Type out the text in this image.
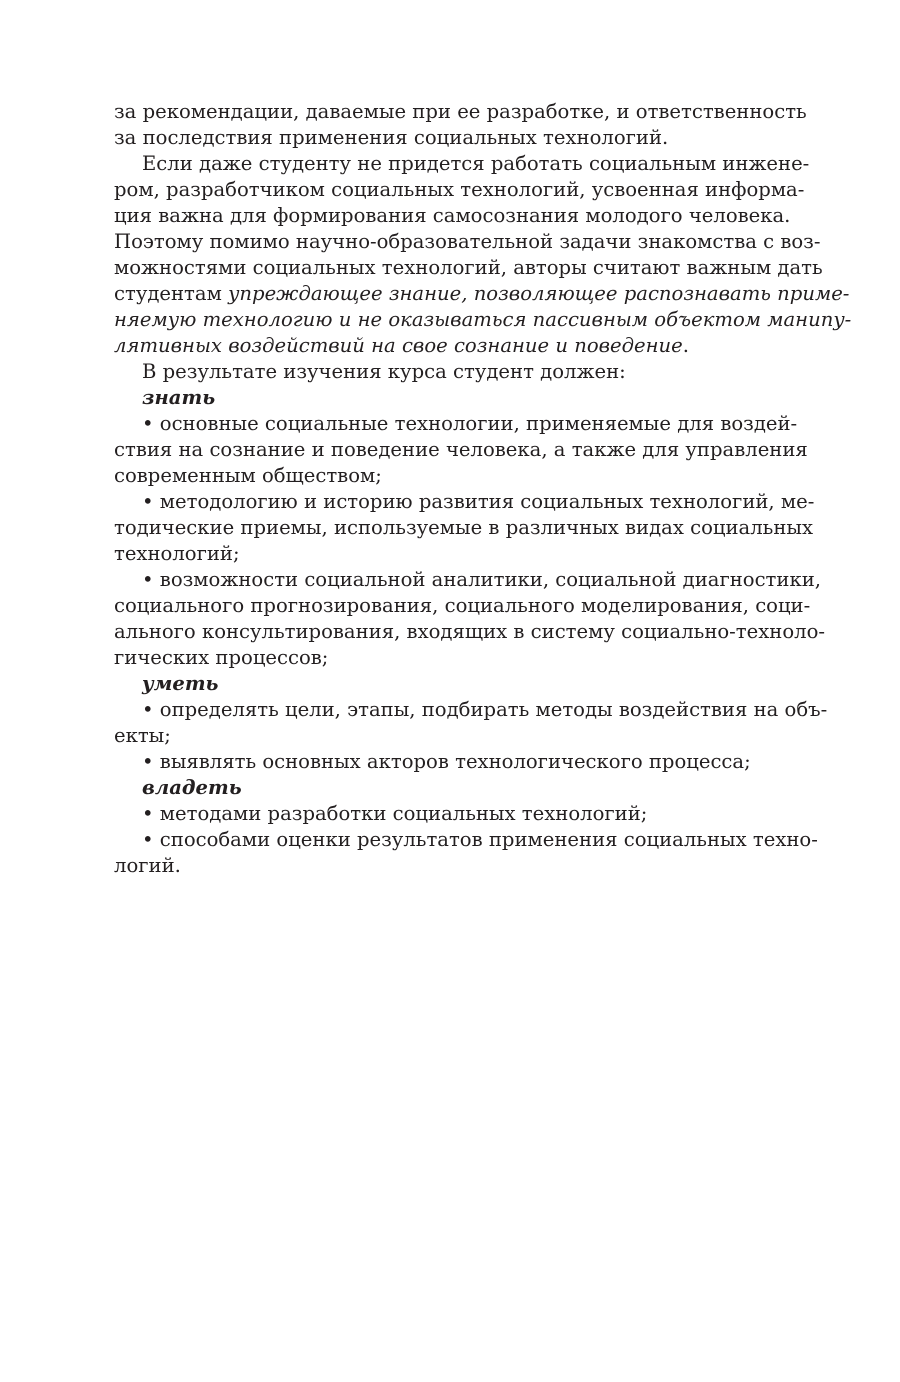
за рекомендации, даваемые при ее разработке, и ответственность
за последствия применения социальных технологий.
Если даже студенту не придется работать социальным инжене-
ром, разработчиком социальных технологий, усвоенная информа-
ция важна для формирования самосознания молодого человека.
Поэтому помимо научно-образовательной задачи знакомства с воз-
можностями социальных технологий, авторы считают важным дать
студентам упреждающее знание, позволяющее распознавать приме-
няемую технологию и не оказываться пассивным объектом манипу-
лятивных воздействий на свое сознание и поведение.
В результате изучения курса студент должен:
знать
• основные социальные технологии, применяемые для воздей-
ствия на сознание и поведение человека, а также для управления
современным обществом;
• методологию и историю развития социальных технологий, ме-
тодические приемы, используемые в различных видах социальных
технологий;
• возможности социальной аналитики, социальной диагностики,
социального прогнозирования, социального моделирования, соци-
ального консультирования, входящих в систему социально-техноло-
гических процессов;
уметь
• определять цели, этапы, подбирать методы воздействия на объ-
екты;
• выявлять основных акторов технологического процесса;
владеть
• методами разработки социальных технологий;
• способами оценки результатов применения социальных техно-
логий.
